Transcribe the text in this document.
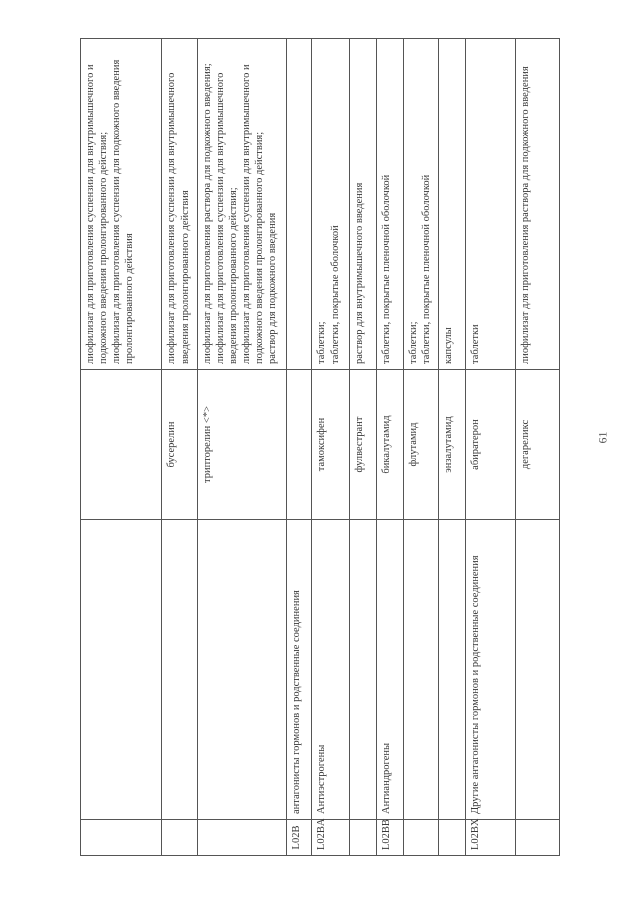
			лиофилизат для приготовления суспензии для внутримышечного и подкожного введения пролонгированного действия; лиофилизат для приготовления суспензии для подкожного введения пролонгированного действия

		бусерелин	лиофилизат для приготовления суспензии для внутримышечного введения пролонгированного действия

		трипторелин <*>	лиофилизат для приготовления раствора для подкожного введения; лиофилизат для приготовления суспензии для внутримышечного введения пролонгированного действия; лиофилизат для приготовления суспензии для внутримышечного и подкожного введения пролонгированного действия; раствор для подкожного введения

L02B	антагонисты гормонов и родственные соединения		

L02BA	Антиэстрогены	тамоксифен	таблетки; таблетки, покрытые оболочкой

		фулвестрант	раствор для внутримышечного введения

L02BB	Антиандрогены	бикалутамид	таблетки, покрытые пленочной оболочкой

		флутамид	таблетки; таблетки, покрытые пленочной оболочкой

		энзалутамид	капсулы

L02BX	Другие антагонисты гормонов и родственные соединения	абиратерон	таблетки

		дегареликс	лиофилизат для приготовления раствора для подкожного введения
61
